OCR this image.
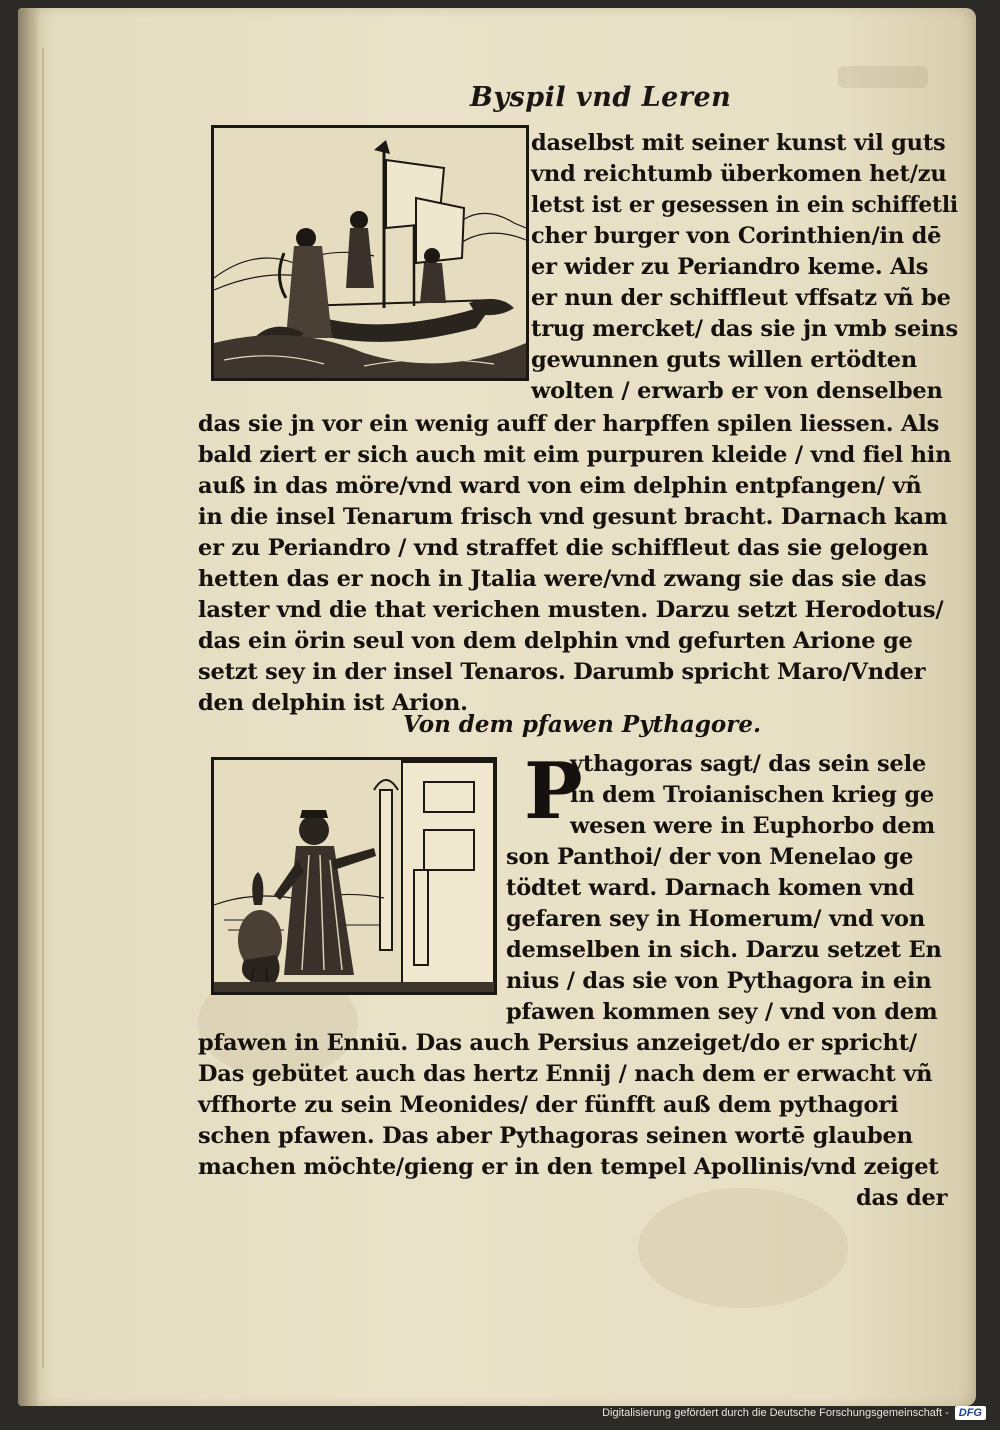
Byspil vnd Leren
daselbst mit seiner kunst vil guts
vnd reichtumb überkomen het/zu
letst ist er gesessen in ein schiffetli
cher burger von Corinthien/in dē
er wider zu Periandro keme. Als
er nun der schiffleut vffsatz vñ be
trug mercket/ das sie jn vmb seins
gewunnen guts willen ertödten
wolten / erwarb er von denselben
das sie jn vor ein wenig auff der harpffen spilen liessen. Als
bald ziert er sich auch mit eim purpuren kleide / vnd fiel hin
auß in das möre/vnd ward von eim delphin entpfangen/ vñ
in die insel Tenarum frisch vnd gesunt bracht. Darnach kam
er zu Periandro / vnd straffet die schiffleut das sie gelogen
hetten das er noch in Jtalia were/vnd zwang sie das sie das
laster vnd die that verichen musten. Darzu setzt Herodotus/
das ein örin seul von dem delphin vnd gefurten Arione ge
setzt sey in der insel Tenaros. Darumb spricht Maro/Vnder
den delphin ist Arion.
Von dem pfawen Pythagore.
P
ythagoras sagt/ das sein sele
in dem Troianischen krieg ge
wesen were in Euphorbo dem
son Panthoi/ der von Menelao ge
tödtet ward. Darnach komen vnd
gefaren sey in Homerum/ vnd von
demselben in sich. Darzu setzet En
nius / das sie von Pythagora in ein
pfawen kommen sey / vnd von dem
pfawen in Enniū. Das auch Persius anzeiget/do er spricht/
Das gebütet auch das hertz Ennij / nach dem er erwacht vñ
vffhorte zu sein Meonides/ der fünfft auß dem pythagori
schen pfawen. Das aber Pythagoras seinen wortē glauben
machen möchte/gieng er in den tempel Apollinis/vnd zeiget
das der
Digitalisierung gefördert durch die Deutsche Forschungsgemeinschaft - DFG
